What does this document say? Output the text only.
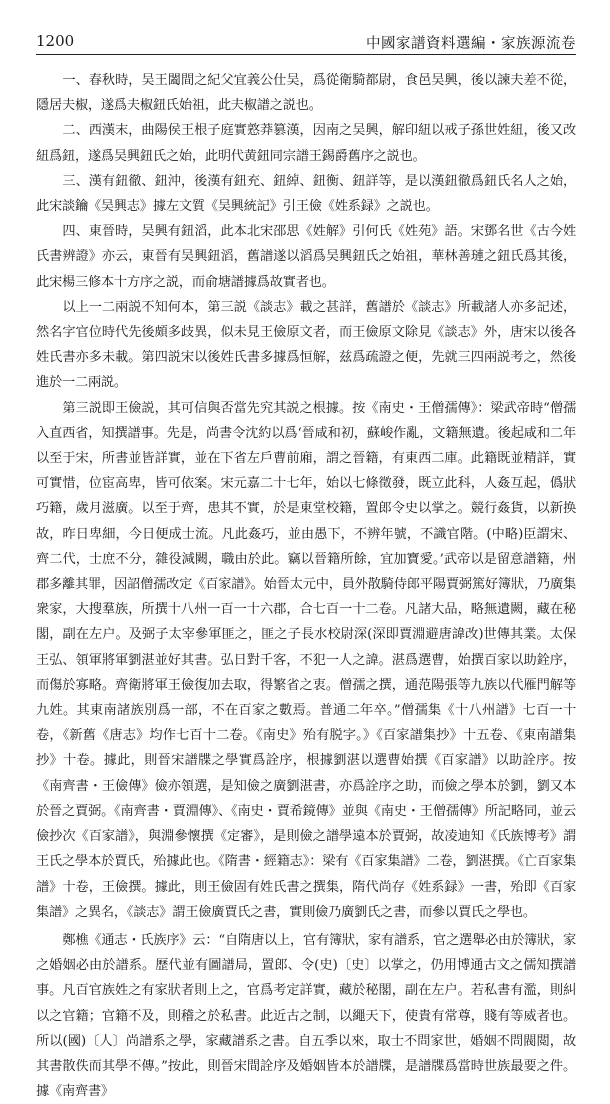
1200	中國家譜資料選編・家族源流卷

一、春秋時，吴王闔間之紀父宜義公仕吴，爲從衛騎都尉，食邑吴興，後以諫夫差不從，隱居夫椒，遂爲夫椒鈕氏始祖，此夫椒譜之説也。

二、西漢末，曲陽侯王根子庭實憝莽篡漢，因南之吴興，解印紐以戒子孫世姓紐，後又改紐爲鈕，遂爲吴興鈕氏之始，此明代黄鈕同宗譜王錫爵舊序之説也。

三、漢有鈕徹、鈕沖，後漢有鈕充、鈕綽、鈕衡、鈕詳等，是以漢鈕徹爲鈕氏名人之始，此宋談鑰《吴興志》據左文質《吴興統記》引王儉《姓系録》之説也。

四、東晉時，吴興有鈕滔，此本北宋邵思《姓解》引何氏《姓苑》語。宋鄧名世《古今姓氏書辨證》亦云，東晉有吴興鈕滔，舊譜遂以滔爲吴興鈕氏之始祖，華林善璉之鈕氏爲其後，此宋楊三修本十方序之説，而俞塘譜據爲故實者也。

以上一二兩説不知何本，第三説《談志》載之甚詳，舊譜於《談志》所載諸人亦多記述，然名字官位時代先後頗多歧異，似未見王儉原文者，而王儉原文除見《談志》外，唐宋以後各姓氏書亦多未載。第四説宋以後姓氏書多據爲恒解，兹爲疏證之便，先就三四兩説考之，然後進於一二兩説。

第三説即王儉説，其可信與否當先究其説之根據。按《南史・王僧孺傳》：梁武帝時“僧孺入直西省，知撰譜事。先是，尚書令沈約以爲‘晉咸和初，蘇峻作亂，文籍無遺。後起咸和二年以至于宋，所書並皆詳實，並在下省左戶曹前廂，謂之晉籍，有東西二庫。此籍既並精詳，實可實惜，位宦高卑，皆可依案。宋元嘉二十七年，始以七條徵發，既立此科，人姦互起，僞狀巧籍，歲月滋廣。以至于齊，患其不實，於是東堂校籍，置郎令史以掌之。競行姦貨，以新换故，昨日卑細，今日便成士流。凡此姦巧，並由愚下，不辨年號，不識官階。(中略)臣謂宋、齊二代，士庶不分，雜役減闕，職由於此。竊以晉籍所餘，宜加寶愛。’武帝以是留意譜籍，州郡多離其罪，因詔僧孺改定《百家譜》。始晉太元中，員外散騎侍郎平陽賈弼篤好簿狀，乃廣集衆家，大搜羣族，所撰十八州一百一十六郡，合七百一十二卷。凡諸大品，略無遺闕，藏在秘閣，副在左户。及弼子太宰參軍匪之，匪之子長水校尉深(深即賈淵避唐諱改)世傳其業。太保王弘、領軍將軍劉湛並好其書。弘日對千客，不犯一人之諱。湛爲選曹，始撰百家以助銓序，而傷於寡略。齊衛將軍王儉復加去取，得繁省之衷。僧孺之撰，通范陽張等九族以代雁門解等九姓。其東南諸族別爲一部，不在百家之數焉。普通二年卒。”僧孺集《十八州譜》七百一十卷，《新舊《唐志》均作七百十二卷。《南史》殆有脱字。》《百家譜集抄》十五卷、《東南譜集抄》十卷。據此，則晉宋譜牒之學實爲詮序，根據劉湛以選曹始撰《百家譜》以助詮序。按《南齊書・王儉傳》儉亦領選，是知儉之廣劉湛書，亦爲詮序之助，而儉之學本於劉，劉又本於晉之賈弼。《南齊書・賈淵傳》、《南史・賈希鏡傳》並與《南史・王僧孺傳》所記略同，並云儉抄次《百家譜》，與淵參懷撰《定審》，是則儉之譜學遠本於賈弼，故凌迪知《氏族博考》謂王氏之學本於賈氏，殆據此也。《隋書・經籍志》：梁有《百家集譜》二卷，劉湛撰。《亡百家集譜》十卷，王儉撰。據此，則王儉固有姓氏書之撰集，隋代尚存《姓系録》一書，殆即《百家集譜》之異名，《談志》謂王儉廣賈氏之書，實則儉乃廣劉氏之書，而參以賈氏之學也。

鄭樵《通志・氏族序》云：“自隋唐以上，官有簿狀，家有譜系，官之選舉必由於簿狀，家之婚姻必由於譜系。歷代並有圖譜局，置郎、令(史)〔史〕以掌之，仍用博通古文之儒知撰譜事。凡百官族姓之有家狀者則上之，官爲考定詳實，藏於秘閣，副在左户。若私書有濫，則糾以之官籍；官籍不及，則稽之於私書。此近古之制，以繩天下，使貴有常尊，賤有等威者也。所以(國)〔人〕尚譜系之學，家藏譜系之書。自五季以來，取士不問家世，婚姻不問閥閲，故其書散佚而其學不傳。”按此，則晉宋間詮序及婚姻皆本於譜牒，是譜牒爲當時世族最要之件。據《南齊書》
